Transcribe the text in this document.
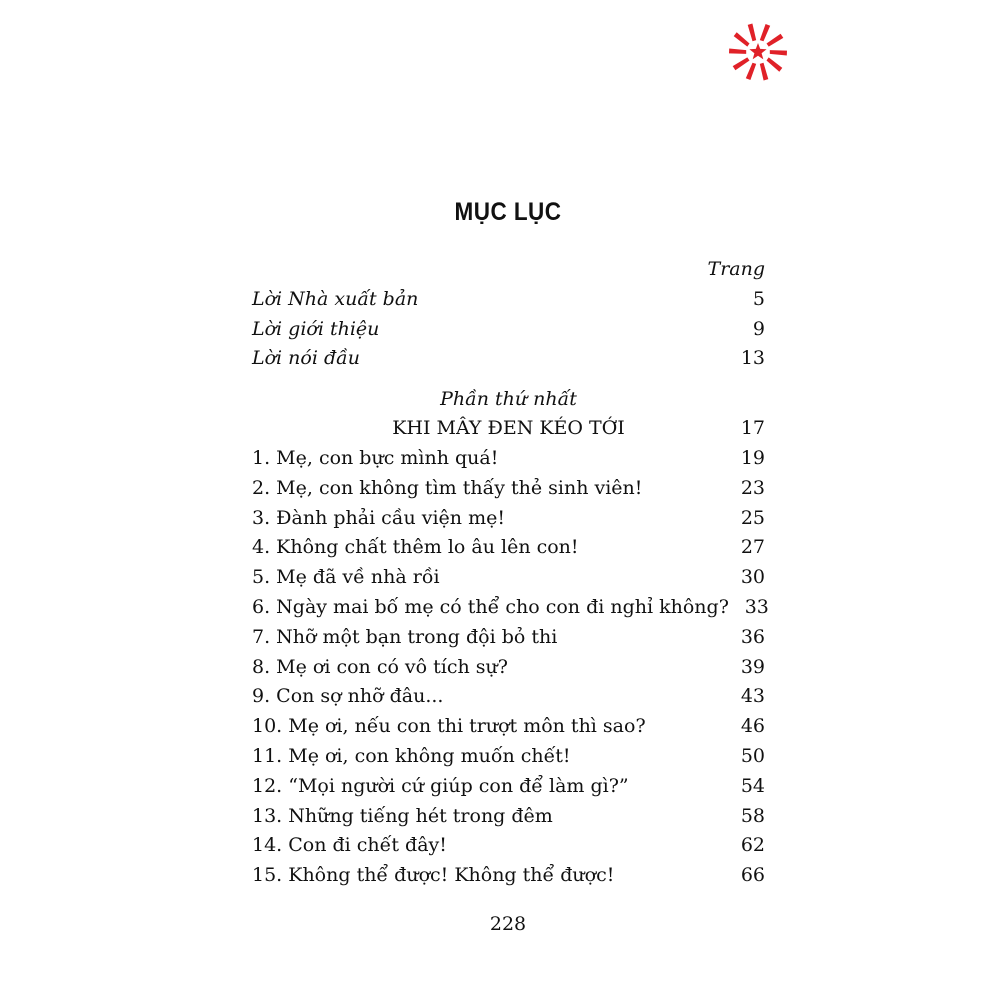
MỤC LỤC
Trang
Lời Nhà xuất bản	5
Lời giới thiệu	9
Lời nói đầu	13
Phần thứ nhất
KHI MÂY ĐEN KÉO TỚI	17
1. Mẹ, con bực mình quá!	19
2. Mẹ, con không tìm thấy thẻ sinh viên!	23
3. Đành phải cầu viện mẹ!	25
4. Không chất thêm lo âu lên con!	27
5. Mẹ đã về nhà rồi	30
6. Ngày mai bố mẹ có thể cho con đi nghỉ không? 33
7. Nhỡ một bạn trong đội bỏ thi	36
8. Mẹ ơi con có vô tích sự?	39
9. Con sợ nhỡ đâu...	43
10. Mẹ ơi, nếu con thi trượt môn thì sao?	46
11. Mẹ ơi, con không muốn chết!	50
12. “Mọi người cứ giúp con để làm gì?”	54
13. Những tiếng hét trong đêm	58
14. Con đi chết đây!	62
15. Không thể được! Không thể được!	66
228
